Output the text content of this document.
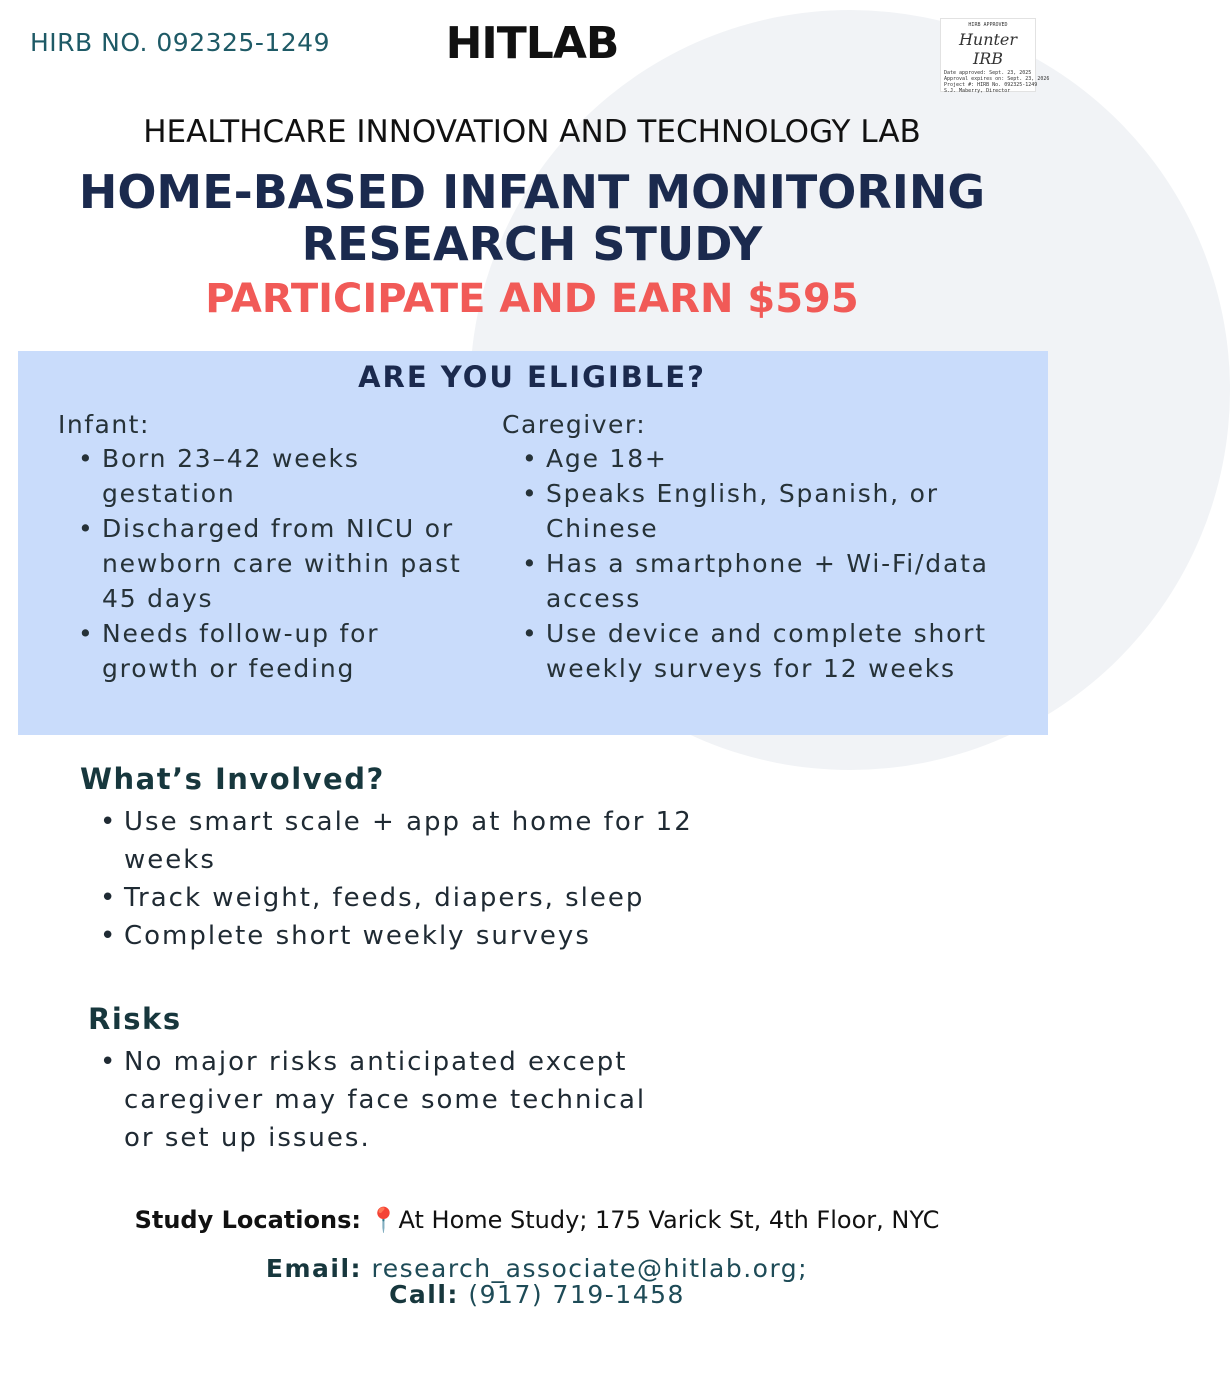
HIRB NO. 092325-1249	HITLAB	HIRB APPROVED
Hunter IRB
Date approved: Sept. 23, 2025
Approval expires on: Sept. 23, 2026
Project #: HIRB No. 092325-1249
S.J. Maberry, Director
HEALTHCARE INNOVATION AND TECHNOLOGY LAB
HOME-BASED INFANT MONITORING
RESEARCH STUDY
PARTICIPATE AND EARN $595
ARE YOU ELIGIBLE?
Infant:
• Born 23–42 weeks gestation
• Discharged from NICU or newborn care within past 45 days
• Needs follow-up for growth or feeding
Caregiver:
• Age 18+
• Speaks English, Spanish, or Chinese
• Has a smartphone + Wi-Fi/data access
• Use device and complete short weekly surveys for 12 weeks
What’s Involved?
• Use smart scale + app at home for 12 weeks
• Track weight, feeds, diapers, sleep
• Complete short weekly surveys
Risks
• No major risks anticipated except caregiver may face some technical or set up issues.
Study Locations: 📍At Home Study; 175 Varick St, 4th Floor, NYC
Email: research_associate@hitlab.org;
Call: (917) 719-1458
